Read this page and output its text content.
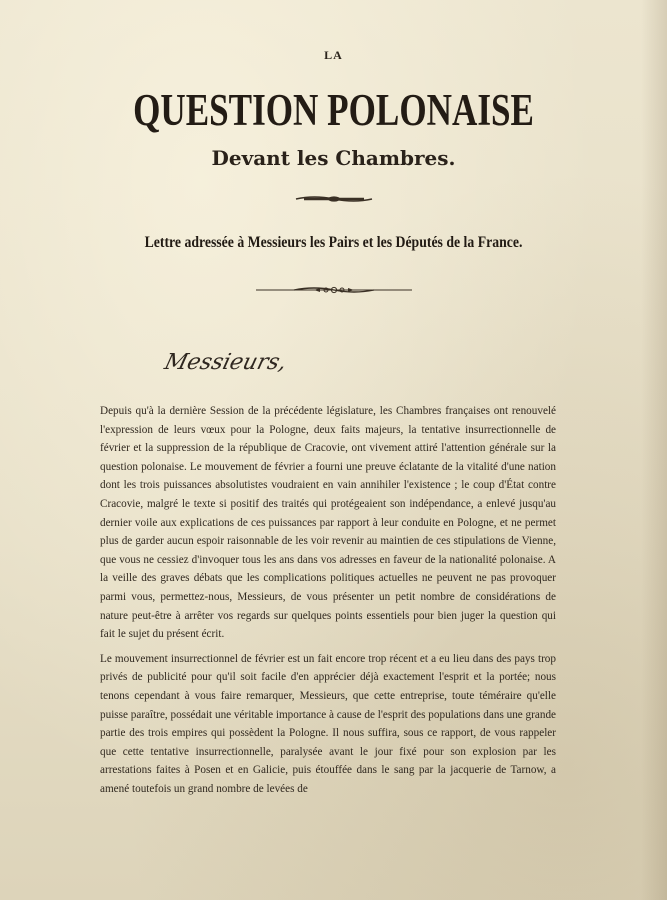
LA
QUESTION POLONAISE
Devant les Chambres.
Lettre adressée à Messieurs les Pairs et les Députés de la France.
Messieurs,

Depuis qu'à la dernière Session de la précédente législature, les Chambres françaises ont renouvelé l'expression de leurs vœux pour la Pologne, deux faits majeurs, la tentative insurrectionnelle de février et la suppression de la république de Cracovie, ont vivement attiré l'attention générale sur la question polonaise. Le mouvement de février a fourni une preuve éclatante de la vitalité d'une nation dont les trois puissances absolutistes voudraient en vain annihiler l'existence ; le coup d'État contre Cracovie, malgré le texte si positif des traités qui protégeaient son indépendance, a enlevé jusqu'au dernier voile aux explications de ces puissances par rapport à leur conduite en Pologne, et ne permet plus de garder aucun espoir raisonnable de les voir revenir au maintien de ces stipulations de Vienne, que vous ne cessiez d'invoquer tous les ans dans vos adresses en faveur de la nationalité polonaise. A la veille des graves débats que les complications politiques actuelles ne peuvent ne pas provoquer parmi vous, permettez-nous, Messieurs, de vous présenter un petit nombre de considérations de nature peut-être à arrêter vos regards sur quelques points essentiels pour bien juger la question qui fait le sujet du présent écrit.

Le mouvement insurrectionnel de février est un fait encore trop récent et a eu lieu dans des pays trop privés de publicité pour qu'il soit facile d'en apprécier déjà exactement l'esprit et la portée; nous tenons cependant à vous faire remarquer, Messieurs, que cette entreprise, toute téméraire qu'elle puisse paraître, possédait une véritable importance à cause de l'esprit des populations dans une grande partie des trois empires qui possèdent la Pologne. Il nous suffira, sous ce rapport, de vous rappeler que cette tentative insurrectionnelle, paralysée avant le jour fixé pour son explosion par les arrestations faites à Posen et en Galicie, puis étouffée dans le sang par la jacquerie de Tarnow, a amené toutefois un grand nombre de levées de
